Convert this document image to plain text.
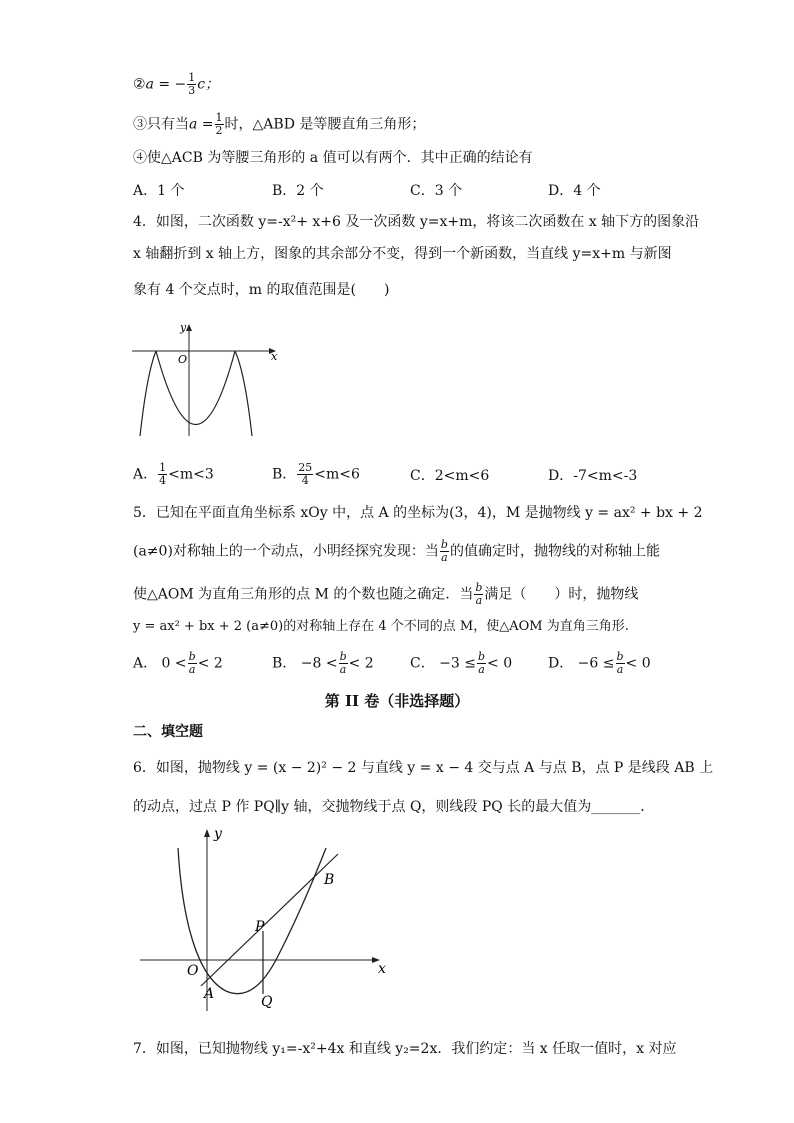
②a = − $\frac{1}{3}$ c；
③只有当$a = \frac{1}{2}$ 时，△ABD 是等腰直角三角形；
④使△ACB 为等腰三角形的 a 值可以有两个．其中正确的结论有
A．1 个	B．2 个	C．3 个	D．4 个
4．如图，二次函数 y=-x²+ x+6 及一次函数 y=x+m，将该二次函数在 x 轴下方的图象沿
x 轴翻折到 x 轴上方，图象的其余部分不变，得到一个新函数，当直线 y=x+m 与新图
象有 4 个交点时，m 的取值范围是(　　)
y
x
O
A． $\frac{1}{4} <m<3$	B． $\frac{25}{4} <m<6$	C．2<m<6	D．-7<m<-3
5．已知在平面直角坐标系 xOy 中，点 A 的坐标为(3，4)，M 是抛物线 y = ax² + bx + 2
(a≠0)对称轴上的一个动点，小明经探究发现：当 $\frac{b}{a}$ 的值确定时，抛物线的对称轴上能
使△AOM 为直角三角形的点 M 的个数也随之确定．当 $\frac{b}{a}$ 满足（　　）时，抛物线
y = ax² + bx + 2 (a≠0)的对称轴上存在 4 个不同的点 M，使△AOM 为直角三角形.
A． $0 < \frac{b}{a} < 2$	B． $-8 < \frac{b}{a} < 2$	C． $-3 \le \frac{b}{a} < 0$	D． $-6 \le \frac{b}{a} < 0$
第 II 卷（非选择题）
二、填空题
6．如图，抛物线 y = (x − 2)² − 2 与直线 y = x − 4 交与点 A 与点 B，点 P 是线段 AB 上
的动点，过点 P 作 PQ∥y 轴，交抛物线于点 Q，则线段 PQ 长的最大值为_______．
B
P
Q
A
O	x
y
7．如图，已知抛物线 y₁=-x²+4x 和直线 y₂=2x．我们约定：当 x 任取一值时，x 对应
